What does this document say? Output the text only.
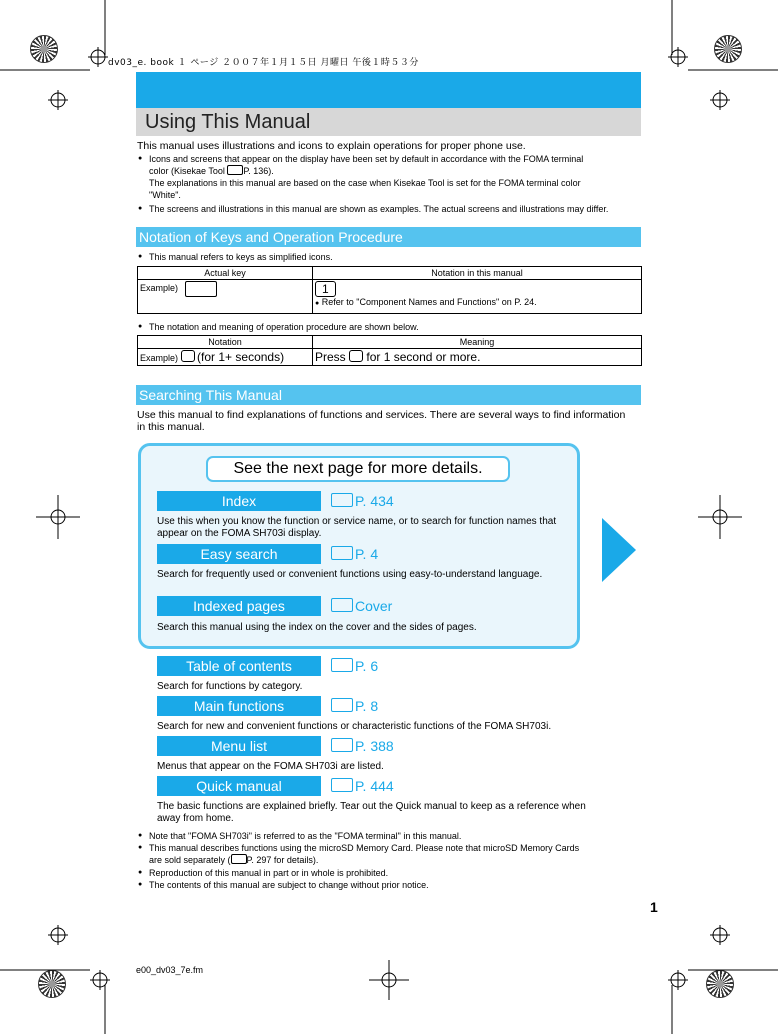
dv03_e. book １ ページ ２００７年１月１５日 月曜日 午後１時５３分
Using This Manual
This manual uses illustrations and icons to explain operations for proper phone use.
● Icons and screens that appear on the display have been set by default in accordance with the FOMA terminal
color (Kisekae Tool P. 136).
The explanations in this manual are based on the case when Kisekae Tool is set for the FOMA terminal color
"White".
● The screens and illustrations in this manual are shown as examples. The actual screens and illustrations may differ.
Notation of Keys and Operation Procedure
● This manual refers to keys as simplified icons.
Actual key	Notation in this manual
Example)	1
● Refer to "Component Names and Functions" on P. 24.
● The notation and meaning of operation procedure are shown below.
Notation	Meaning
Example) (for 1+ seconds)	Press for 1 second or more.
Searching This Manual
Use this manual to find explanations of functions and services. There are several ways to find information in this manual.
See the next page for more details.
Index	P. 434
Use this when you know the function or service name, or to search for function names that appear on the FOMA SH703i display.
Easy search	P. 4
Search for frequently used or convenient functions using easy-to-understand language.
Indexed pages	Cover
Search this manual using the index on the cover and the sides of pages.
Table of contents	P. 6
Search for functions by category.
Main functions	P. 8
Search for new and convenient functions or characteristic functions of the FOMA SH703i.
Menu list	P. 388
Menus that appear on the FOMA SH703i are listed.
Quick manual	P. 444
The basic functions are explained briefly. Tear out the Quick manual to keep as a reference when away from home.
● Note that "FOMA SH703i" is referred to as the "FOMA terminal" in this manual.
● This manual describes functions using the microSD Memory Card. Please note that microSD Memory Cards
are sold separately ( P. 297 for details).
● Reproduction of this manual in part or in whole is prohibited.
● The contents of this manual are subject to change without prior notice.
1
e00_dv03_7e.fm
